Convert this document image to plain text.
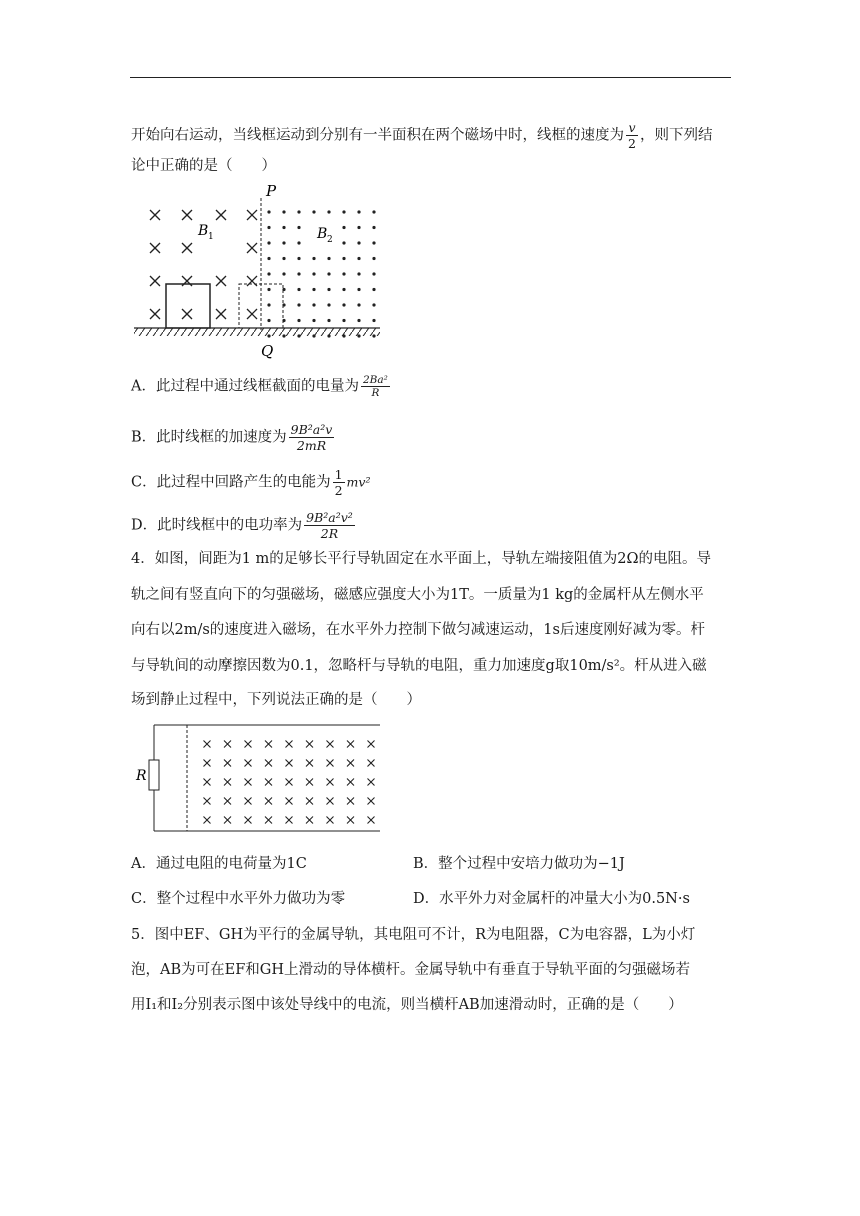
开始向右运动，当线框运动到分别有一半面积在两个磁场中时，线框的速度为 $\frac{v}{2}$ ，则下列结
论中正确的是（　　）
P
Q
B 1	B 2
A．此过程中通过线框截面的电量为 $\frac{\text{2Ba²}}{R}$
B．此时线框的加速度为 $\frac{\text{9B²a²v}}{2mR}$
C．此过程中回路产生的电能为 $\frac{1}{2} mv^2$
D．此时线框中的电功率为 $\frac{\text{9B²a²v²}}{2R}$
4．如图，间距为1 m的足够长平行导轨固定在水平面上，导轨左端接阻值为2Ω的电阻。导
轨之间有竖直向下的匀强磁场，磁感应强度大小为1T。一质量为1 kg的金属杆从左侧水平
向右以2m/s的速度进入磁场，在水平外力控制下做匀减速运动，1s后速度刚好减为零。杆
与导轨间的动摩擦因数为0.1，忽略杆与导轨的电阻，重力加速度g取10m/s²。杆从进入磁
场到静止过程中，下列说法正确的是（　　）
R
A．通过电阻的电荷量为1C	B．整个过程中安培力做功为−1J
C．整个过程中水平外力做功为零	D．水平外力对金属杆的冲量大小为0.5N·s
5．图中EF、GH为平行的金属导轨，其电阻可不计，R为电阻器，C为电容器，L为小灯
泡，AB为可在EF和GH上滑动的导体横杆。金属导轨中有垂直于导轨平面的匀强磁场若
用I₁和I₂分别表示图中该处导线中的电流，则当横杆AB加速滑动时，正确的是（　　）
